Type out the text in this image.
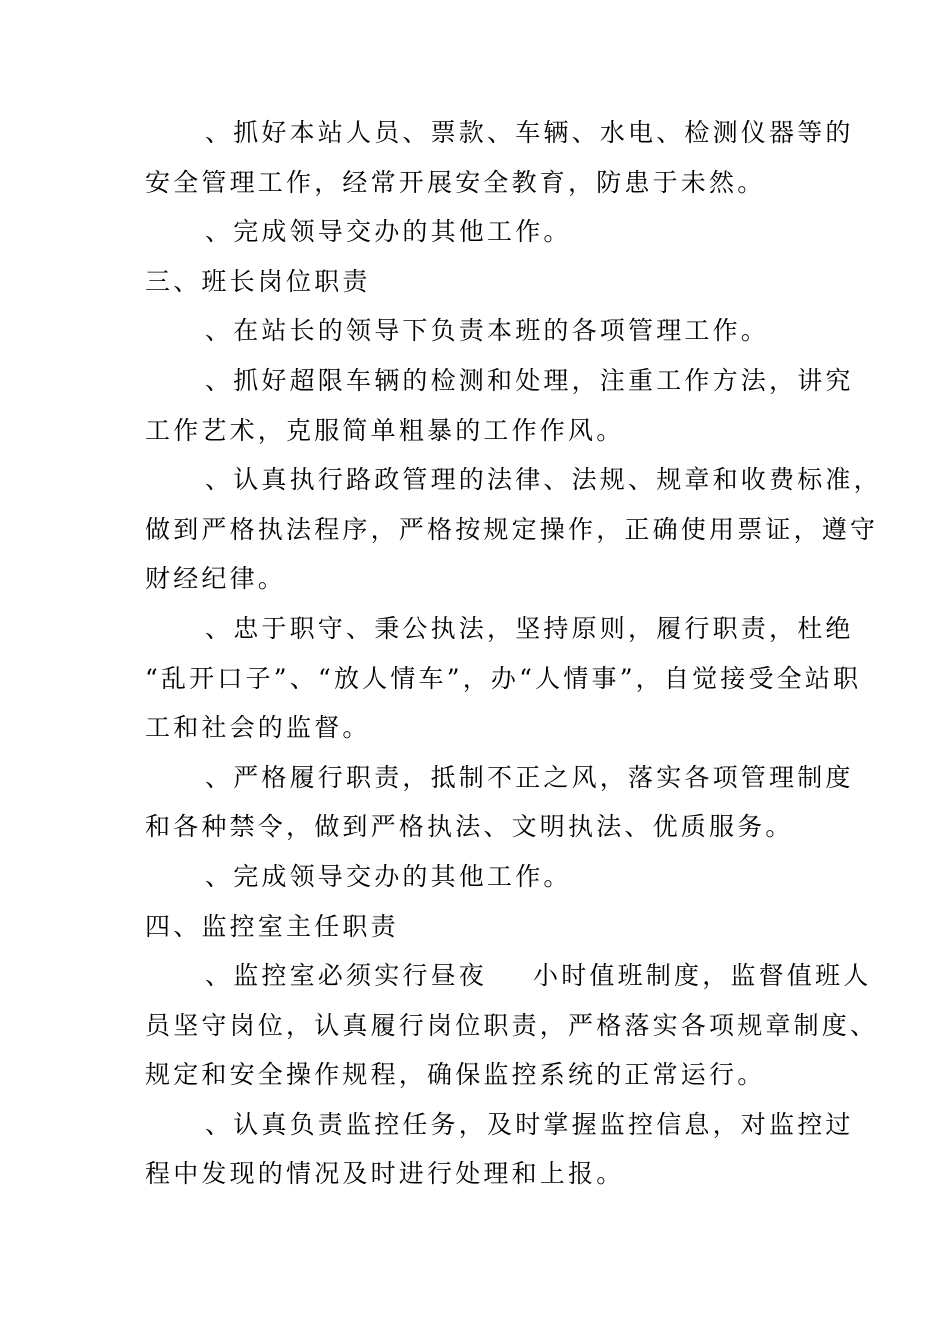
、抓好本站人员、票款、车辆、水电、检测仪器等的
安全管理工作，经常开展安全教育，防患于未然。
、完成领导交办的其他工作。
三、班长岗位职责
、在站长的领导下负责本班的各项管理工作。
、抓好超限车辆的检测和处理，注重工作方法，讲究
工作艺术，克服简单粗暴的工作作风。
、认真执行路政管理的法律、法规、规章和收费标准，
做到严格执法程序，严格按规定操作，正确使用票证，遵守
财经纪律。
、忠于职守、秉公执法，坚持原则，履行职责，杜绝
“乱开口子”、“放人情车”，办“人情事”，自觉接受全站职
工和社会的监督。
、严格履行职责，抵制不正之风，落实各项管理制度
和各种禁令，做到严格执法、文明执法、优质服务。
、完成领导交办的其他工作。
四、监控室主任职责
、监控室必须实行昼夜 小时值班制度，监督值班人
员坚守岗位，认真履行岗位职责，严格落实各项规章制度、
规定和安全操作规程，确保监控系统的正常运行。
、认真负责监控任务，及时掌握监控信息，对监控过
程中发现的情况及时进行处理和上报。
